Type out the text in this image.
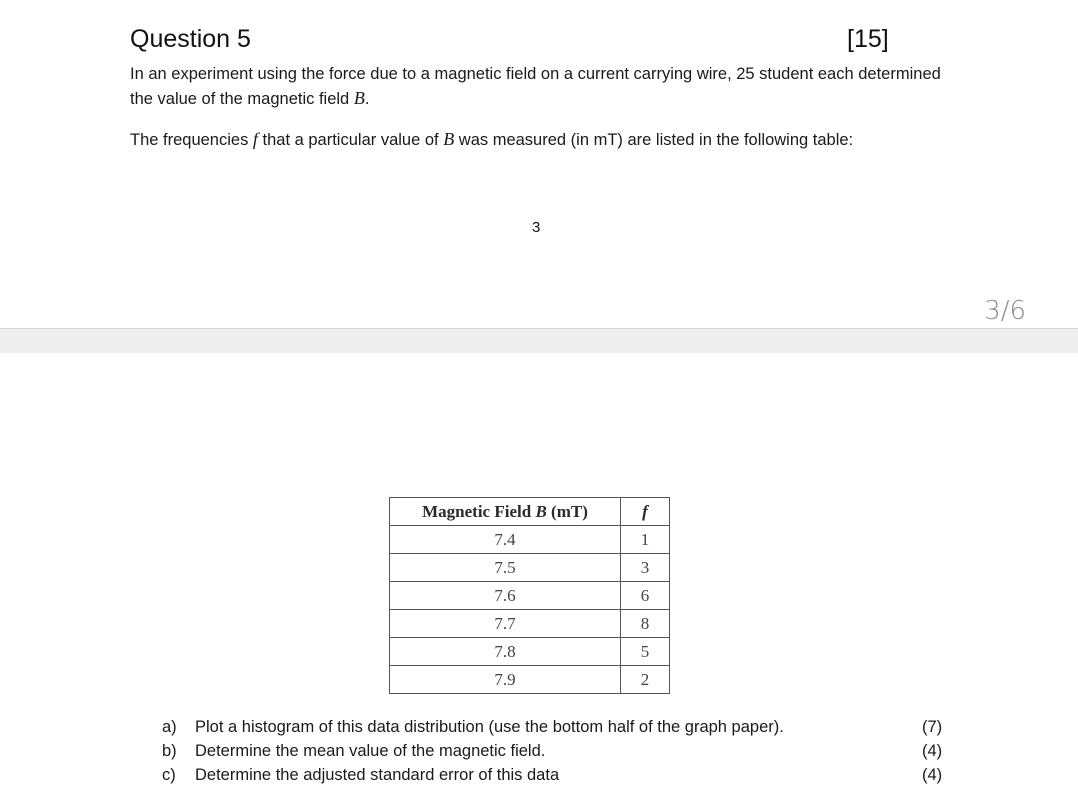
Question 5	[15]

In an experiment using the force due to a magnetic field on a current carrying wire, 25 student each determined the value of the magnetic field B.

The frequencies f that a particular value of B was measured (in mT) are listed in the following table:

3
3/6
Magnetic Field B (mT)	f
7.4	1
7.5	3
7.6	6
7.7	8
7.8	5
7.9	2
a)	Plot a histogram of this data distribution (use the bottom half of the graph paper).	(7)
b)	Determine the mean value of the magnetic field.	(4)
c)	Determine the adjusted standard error of this data	(4)
